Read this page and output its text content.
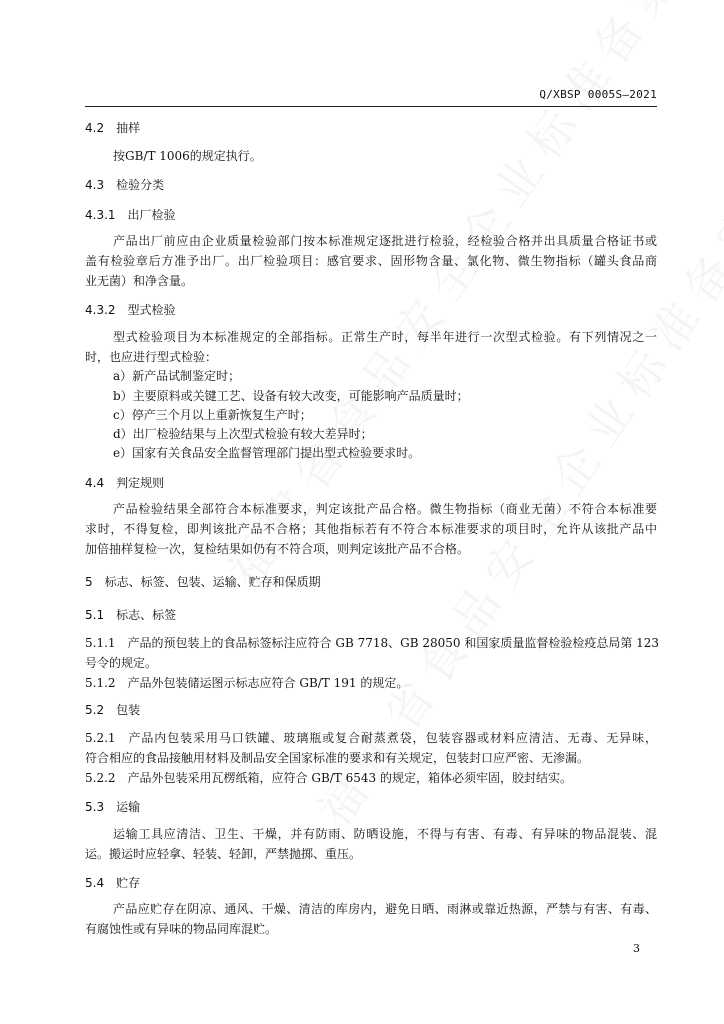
Q/XBSP 0005S—2021
4.2 抽样
按GB/T 1006的规定执行。
4.3 检验分类
4.3.1 出厂检验
产品出厂前应由企业质量检验部门按本标准规定逐批进行检验，经检验合格并出具质量合格证书或
盖有检验章后方准予出厂。出厂检验项目：感官要求、固形物含量、氯化物、微生物指标（罐头食品商
业无菌）和净含量。
4.3.2 型式检验
型式检验项目为本标准规定的全部指标。正常生产时，每半年进行一次型式检验。有下列情况之一
时，也应进行型式检验：
a）新产品试制鉴定时；
b）主要原料或关键工艺、设备有较大改变，可能影响产品质量时；
c）停产三个月以上重新恢复生产时；
d）出厂检验结果与上次型式检验有较大差异时；
e）国家有关食品安全监督管理部门提出型式检验要求时。
4.4 判定规则
产品检验结果全部符合本标准要求，判定该批产品合格。微生物指标（商业无菌）不符合本标准要
求时，不得复检，即判该批产品不合格；其他指标若有不符合本标准要求的项目时，允许从该批产品中
加倍抽样复检一次，复检结果如仍有不符合项，则判定该批产品不合格。
5 标志、标签、包装、运输、贮存和保质期
5.1 标志、标签
5.1.1 产品的预包装上的食品标签标注应符合 GB 7718、GB 28050 和国家质量监督检验检疫总局第 123
号令的规定。
5.1.2 产品外包装储运图示标志应符合 GB/T 191 的规定。
5.2 包装
5.2.1 产品内包装采用马口铁罐、玻璃瓶或复合耐蒸煮袋，包装容器或材料应清洁、无毒、无异味，
符合相应的食品接触用材料及制品安全国家标准的要求和有关规定，包装封口应严密、无渗漏。
5.2.2 产品外包装采用瓦楞纸箱，应符合 GB/T 6543 的规定，箱体必须牢固，胶封结实。
5.3 运输
运输工具应清洁、卫生、干燥，并有防雨、防晒设施，不得与有害、有毒、有异味的物品混装、混
运。搬运时应轻拿、轻装、轻卸，严禁抛掷、重压。
5.4 贮存
产品应贮存在阴凉、通风、干燥、清洁的库房内，避免日晒、雨淋或靠近热源，严禁与有害、有毒、
有腐蚀性或有异味的物品同库混贮。
3
